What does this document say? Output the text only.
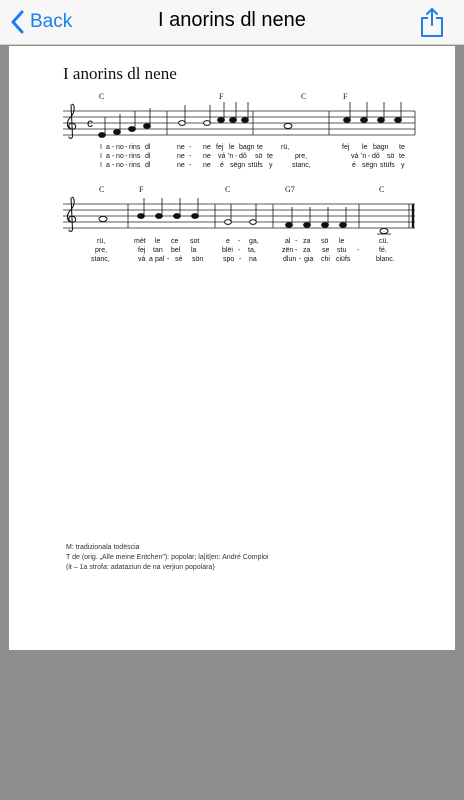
Back	I anorins dl nene
I anorins dl nene
c
C	F	C	F
I a - no - rins dl	ne - ne fej le bagn te	rü,	fej le bagn te
I a - no - rins dl	ne - ne vá 'n - dô sö te	pre,	vá 'n - dô sö te
I a - no - rins dl	ne - ne é sëgn stüfs y	stanc,	é sëgn stüfs y
C	F	C	G7	C
rü,	mèt le ce sot	e - ga,	al - za sö le	cü.
pre,	fej tan bel la	blëi - ta,	zën - za se stu -	fé.
stanc,	vá a pal - sé sön	spo - na	dlun - gia chi ciüfs	blanc.
M: tradizionala todëscia
T de (orig. „Alle meine Entchen"): popolar; la|it|en: André Comploi
(it – 1a strofa: adataziun de na verjiun popolara)
